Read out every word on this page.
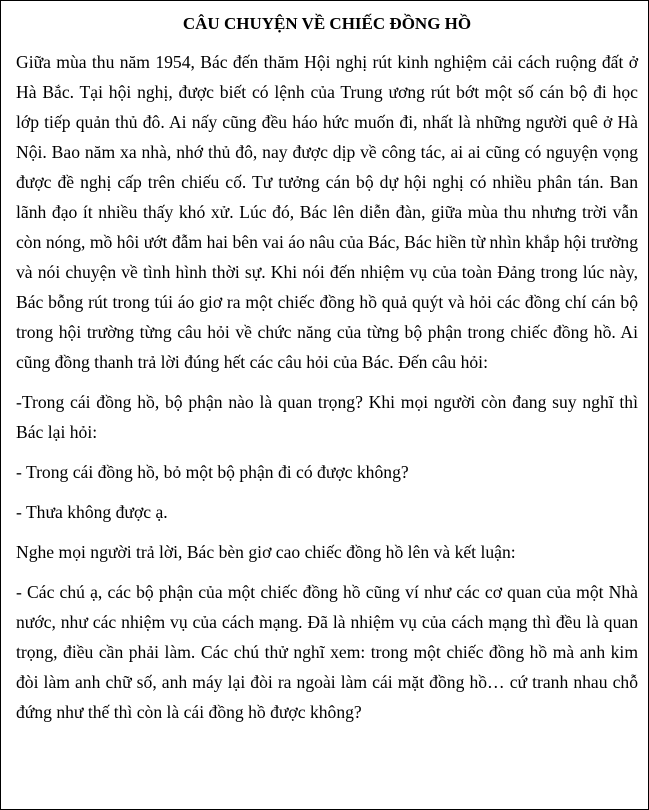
CÂU CHUYỆN VỀ CHIẾC ĐỒNG HỒ

Giữa mùa thu năm 1954, Bác đến thăm Hội nghị rút kinh nghiệm cải cách ruộng đất ở Hà Bắc. Tại hội nghị, được biết có lệnh của Trung ương rút bớt một số cán bộ đi học lớp tiếp quản thủ đô. Ai nấy cũng đều háo hức muốn đi, nhất là những người quê ở Hà Nội. Bao năm xa nhà, nhớ thủ đô, nay được dịp về công tác, ai ai cũng có nguyện vọng được đề nghị cấp trên chiếu cố. Tư tưởng cán bộ dự hội nghị có nhiều phân tán. Ban lãnh đạo ít nhiều thấy khó xử. Lúc đó, Bác lên diễn đàn, giữa mùa thu nhưng trời vẫn còn nóng, mồ hôi ướt đẫm hai bên vai áo nâu của Bác, Bác hiền từ nhìn khắp hội trường và nói chuyện về tình hình thời sự. Khi nói đến nhiệm vụ của toàn Đảng trong lúc này, Bác bỗng rút trong túi áo giơ ra một chiếc đồng hồ quả quýt và hỏi các đồng chí cán bộ trong hội trường từng câu hỏi về chức năng của từng bộ phận trong chiếc đồng hồ. Ai cũng đồng thanh trả lời đúng hết các câu hỏi của Bác. Đến câu hỏi:

-Trong cái đồng hồ, bộ phận nào là quan trọng? Khi mọi người còn đang suy nghĩ thì Bác lại hỏi:

- Trong cái đồng hồ, bỏ một bộ phận đi có được không?

- Thưa không được ạ.

Nghe mọi người trả lời, Bác bèn giơ cao chiếc đồng hồ lên và kết luận:

- Các chú ạ, các bộ phận của một chiếc đồng hồ cũng ví như các cơ quan của một Nhà nước, như các nhiệm vụ của cách mạng. Đã là nhiệm vụ của cách mạng thì đều là quan trọng, điều cần phải làm. Các chú thử nghĩ xem: trong một chiếc đồng hồ mà anh kim đòi làm anh chữ số, anh máy lại đòi ra ngoài làm cái mặt đồng hồ… cứ tranh nhau chỗ đứng như thế thì còn là cái đồng hồ được không?
